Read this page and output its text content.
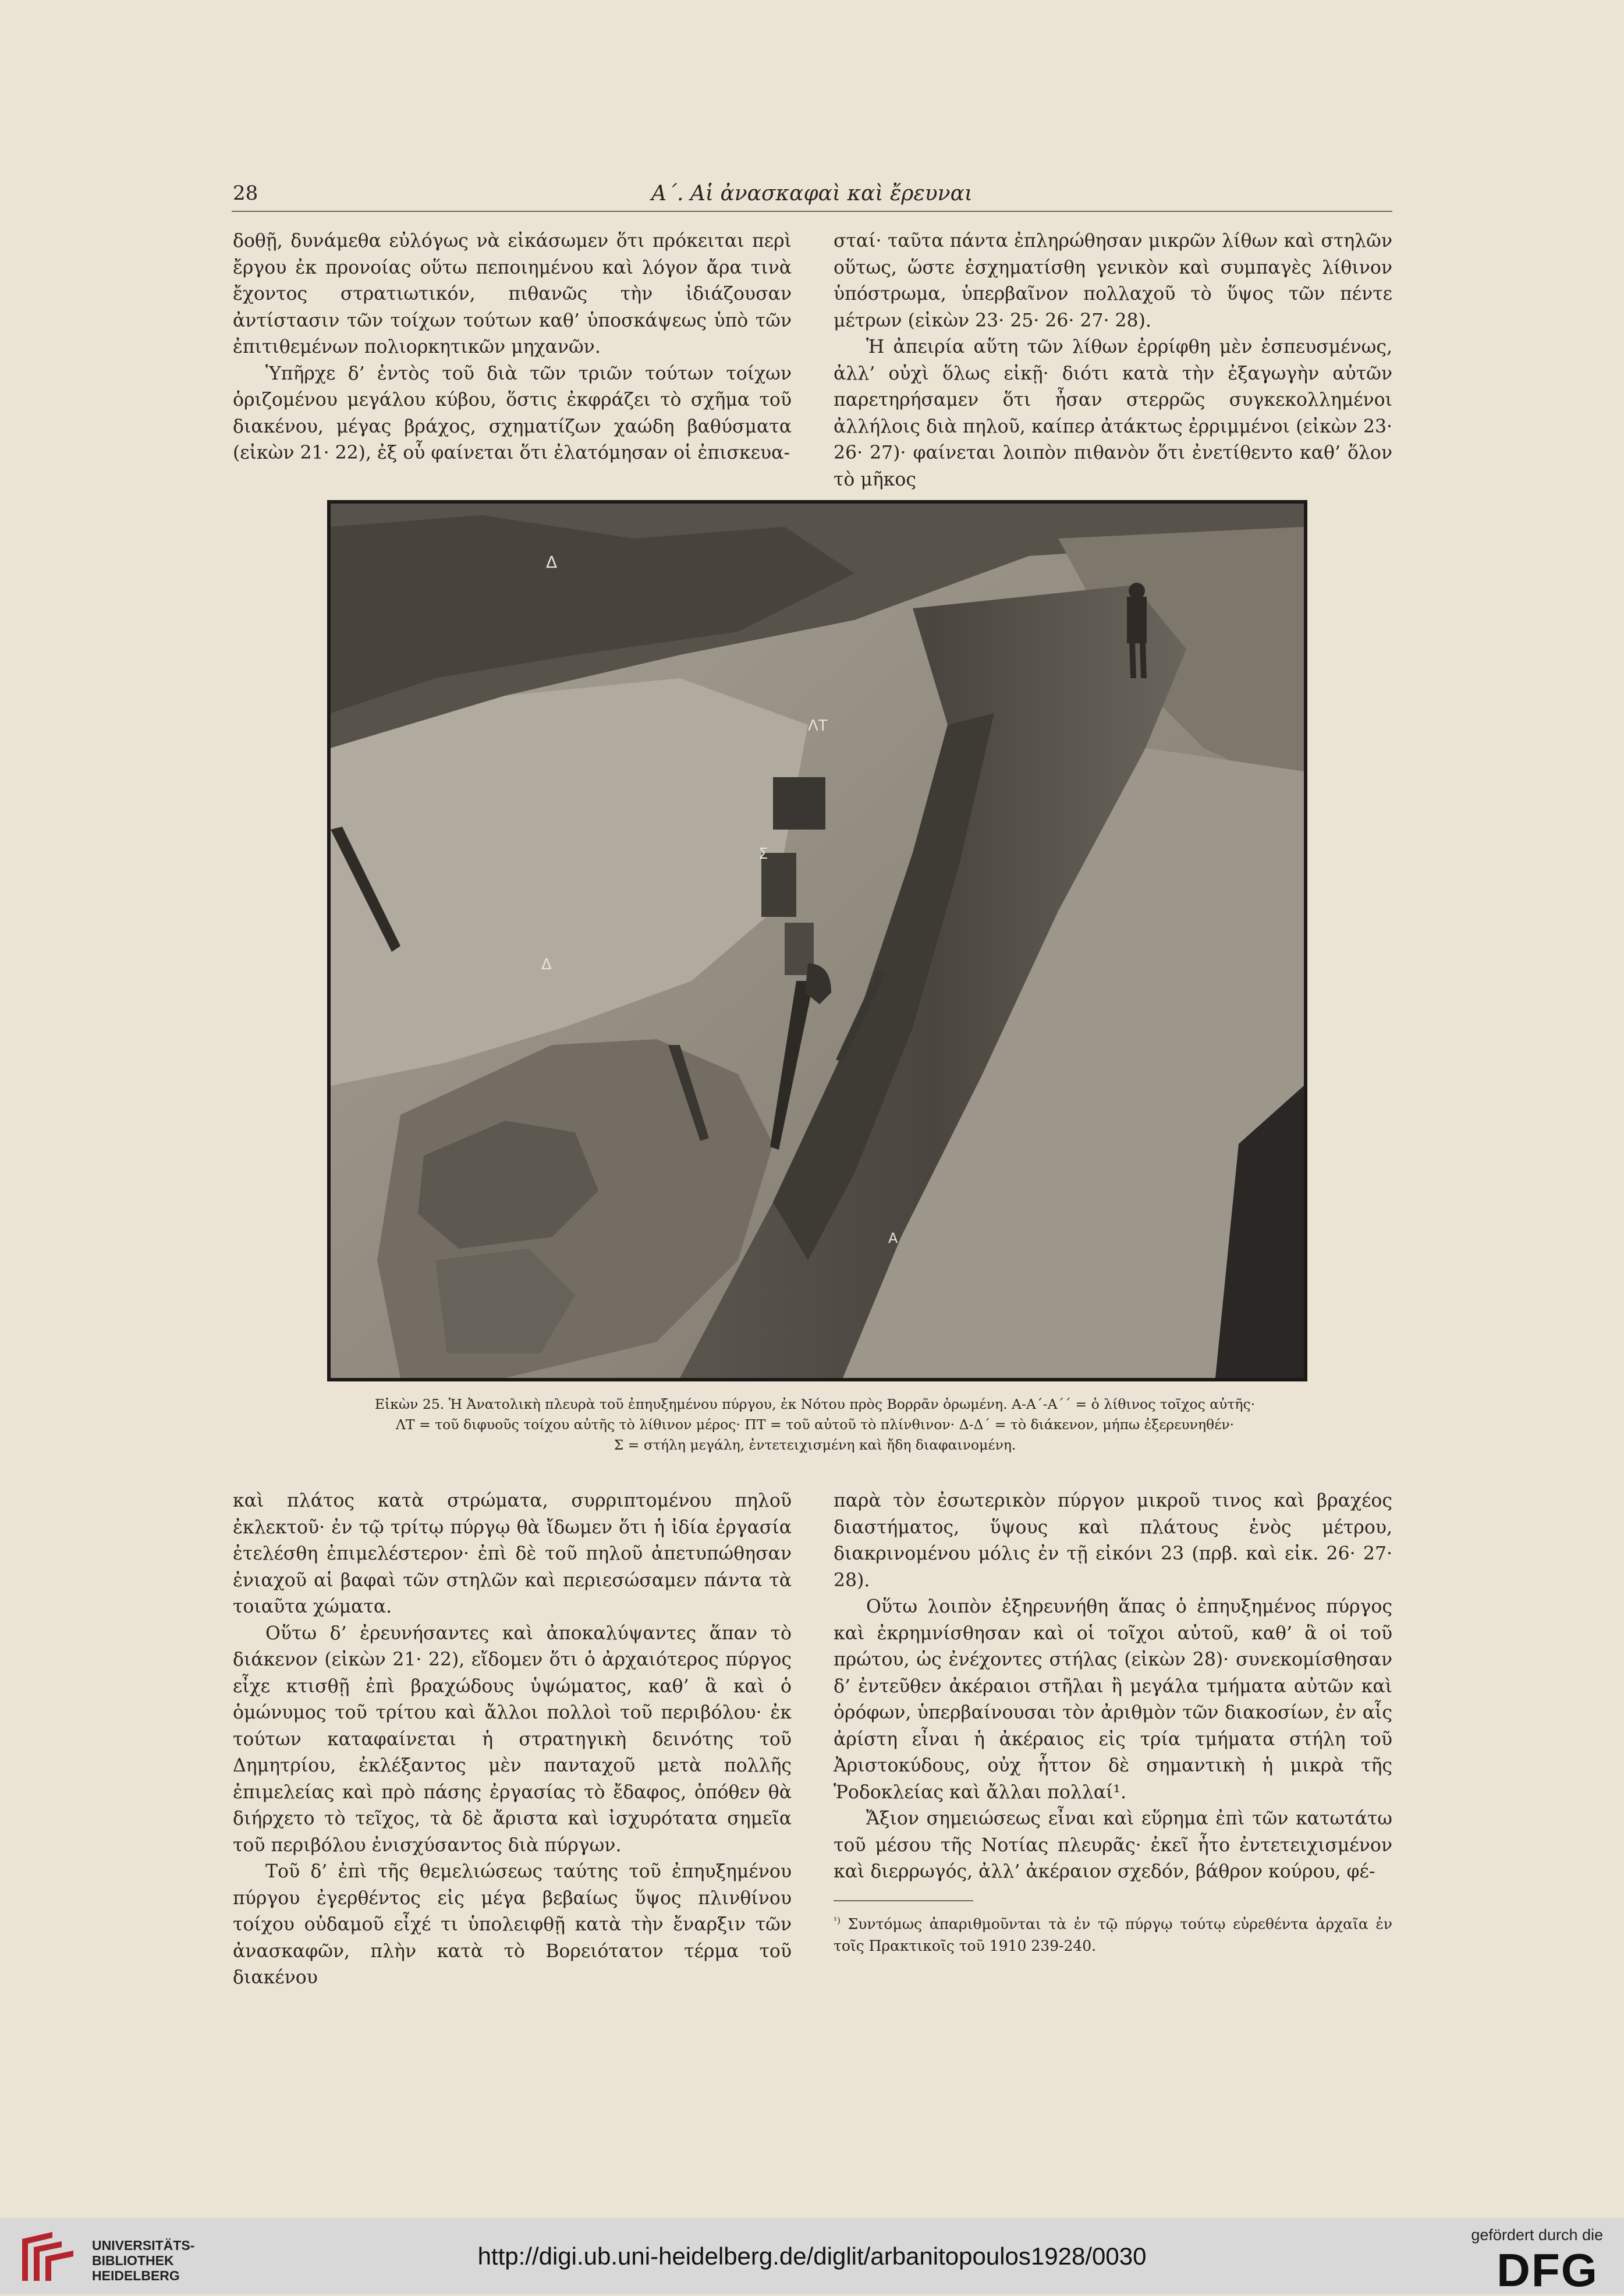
28	Α΄. Αἱ ἀνασκαφαὶ καὶ ἔρευναι

δοθῇ, δυνάμεθα εὐλόγως νὰ εἰκάσωμεν ὅτι πρόκειται περὶ ἔργου ἐκ προνοίας οὕτω πεποιημένου καὶ λόγον ἄρα τινὰ ἔχοντος στρατιωτικόν, πιθανῶς τὴν ἰδιάζουσαν ἀντίστασιν τῶν τοίχων τούτων καθ’ ὑποσκάψεως ὑπὸ τῶν ἐπιτιθεμένων πολιορκητικῶν μηχανῶν.

Ὑπῆρχε δ’ ἐντὸς τοῦ διὰ τῶν τριῶν τούτων τοίχων ὁριζομένου μεγάλου κύβου, ὅστις ἐκφράζει τὸ σχῆμα τοῦ διακένου, μέγας βράχος, σχηματίζων χαώδη βαθύσματα (εἰκὼν 21· 22), ἐξ οὗ φαίνεται ὅτι ἐλατόμησαν οἱ ἐπισκευα-

σταί· ταῦτα πάντα ἐπληρώθησαν μικρῶν λίθων καὶ στηλῶν οὕτως, ὥστε ἐσχηματίσθη γενικὸν καὶ συμπαγὲς λίθινον ὑπόστρωμα, ὑπερβαῖνον πολλαχοῦ τὸ ὕψος τῶν πέντε μέτρων (εἰκὼν 23· 25· 26· 27· 28).

Ἡ ἀπειρία αὕτη τῶν λίθων ἐρρίφθη μὲν ἐσπευσμένως, ἀλλ’ οὐχὶ ὅλως εἰκῇ· διότι κατὰ τὴν ἐξαγωγὴν αὐτῶν παρετηρήσαμεν ὅτι ἦσαν στερρῶς συγκεκολλημένοι ἀλλήλοις διὰ πηλοῦ, καίπερ ἀτάκτως ἐρριμμένοι (εἰκὼν 23· 26· 27)· φαίνεται λοιπὸν πιθανὸν ὅτι ἐνετίθεντο καθ’ ὅλον τὸ μῆκος

Δ
ΛΤ
Σ
Δ
Α

Εἰκὼν 25. Ἡ Ἀνατολικὴ πλευρὰ τοῦ ἐπηυξημένου πύργου, ἐκ Νότου πρὸς Βορρᾶν ὁρωμένη. Α-Α΄-Α΄΄ = ὁ λίθινος τοῖχος αὐτῆς·

ΛΤ = τοῦ διφυοῦς τοίχου αὐτῆς τὸ λίθινον μέρος· ΠΤ = τοῦ αὐτοῦ τὸ πλίνθινον· Δ-Δ΄ = τὸ διάκενον, μήπω ἐξερευνηθέν·

Σ = στήλη μεγάλη, ἐντετειχισμένη καὶ ἤδη διαφαινομένη.

καὶ πλάτος κατὰ στρώματα, συρριπτομένου πηλοῦ ἐκλεκτοῦ· ἐν τῷ τρίτῳ πύργῳ θὰ ἴδωμεν ὅτι ἡ ἰδία ἐργασία ἐτελέσθη ἐπιμελέστερον· ἐπὶ δὲ τοῦ πηλοῦ ἀπετυπώθησαν ἐνιαχοῦ αἱ βαφαὶ τῶν στηλῶν καὶ περιεσώσαμεν πάντα τὰ τοιαῦτα χώματα.

Οὕτω δ’ ἐρευνήσαντες καὶ ἀποκαλύψαντες ἅπαν τὸ διάκενον (εἰκὼν 21· 22), εἴδομεν ὅτι ὁ ἀρχαιότερος πύργος εἶχε κτισθῇ ἐπὶ βραχώδους ὑψώματος, καθ’ ἃ καὶ ὁ ὁμώνυμος τοῦ τρίτου καὶ ἄλλοι πολλοὶ τοῦ περιβόλου· ἐκ τούτων καταφαίνεται ἡ στρατηγικὴ δεινότης τοῦ Δημητρίου, ἐκλέξαντος μὲν πανταχοῦ μετὰ πολλῆς ἐπιμελείας καὶ πρὸ πάσης ἐργασίας τὸ ἔδαφος, ὁπόθεν θὰ διήρχετο τὸ τεῖχος, τὰ δὲ ἄριστα καὶ ἰσχυρότατα σημεῖα τοῦ περιβόλου ἐνισχύσαντος διὰ πύργων.

Τοῦ δ’ ἐπὶ τῆς θεμελιώσεως ταύτης τοῦ ἐπηυξημένου πύργου ἐγερθέντος εἰς μέγα βεβαίως ὕψος πλινθίνου τοίχου οὐδαμοῦ εἶχέ τι ὑπολειφθῇ κατὰ τὴν ἔναρξιν τῶν ἀνασκαφῶν, πλὴν κατὰ τὸ Βορειότατον τέρμα τοῦ διακένου

παρὰ τὸν ἐσωτερικὸν πύργον μικροῦ τινος καὶ βραχέος διαστήματος, ὕψους καὶ πλάτους ἑνὸς μέτρου, διακρινομένου μόλις ἐν τῇ εἰκόνι 23 (πρβ. καὶ εἰκ. 26· 27· 28).

Οὕτω λοιπὸν ἐξηρευνήθη ἅπας ὁ ἐπηυξημένος πύργος καὶ ἐκρημνίσθησαν καὶ οἱ τοῖχοι αὐτοῦ, καθ’ ἃ οἱ τοῦ πρώτου, ὡς ἐνέχοντες στήλας (εἰκὼν 28)· συνεκομίσθησαν δ’ ἐντεῦθεν ἀκέραιοι στῆλαι ἢ μεγάλα τμήματα αὐτῶν καὶ ὀρόφων, ὑπερβαίνουσαι τὸν ἀριθμὸν τῶν διακοσίων, ἐν αἷς ἀρίστη εἶναι ἡ ἀκέραιος εἰς τρία τμήματα στήλη τοῦ Ἀριστοκύδους, οὐχ ἧττον δὲ σημαντικὴ ἡ μικρὰ τῆς Ῥοδοκλείας καὶ ἄλλαι πολλαί¹.

Ἄξιον σημειώσεως εἶναι καὶ εὕρημα ἐπὶ τῶν κατωτάτω τοῦ μέσου τῆς Νοτίας πλευρᾶς· ἐκεῖ ἦτο ἐντετειχισμένον καὶ διερρωγός, ἀλλ’ ἀκέραιον σχεδόν, βάθρον κούρου, φέ-

$^{^1)}$ Συντόμως ἀπαριθμοῦνται τὰ ἐν τῷ πύργῳ τούτῳ εὑρεθέντα ἀρχαῖα ἐν τοῖς Πρακτικοῖς τοῦ 1910 239-240.

UNIVERSITÄTS-
BIBLIOTHEK
HEIDELBERG
http://digi.ub.uni-heidelberg.de/diglit/arbanitopoulos1928/0030
gefördert durch die
DFG
